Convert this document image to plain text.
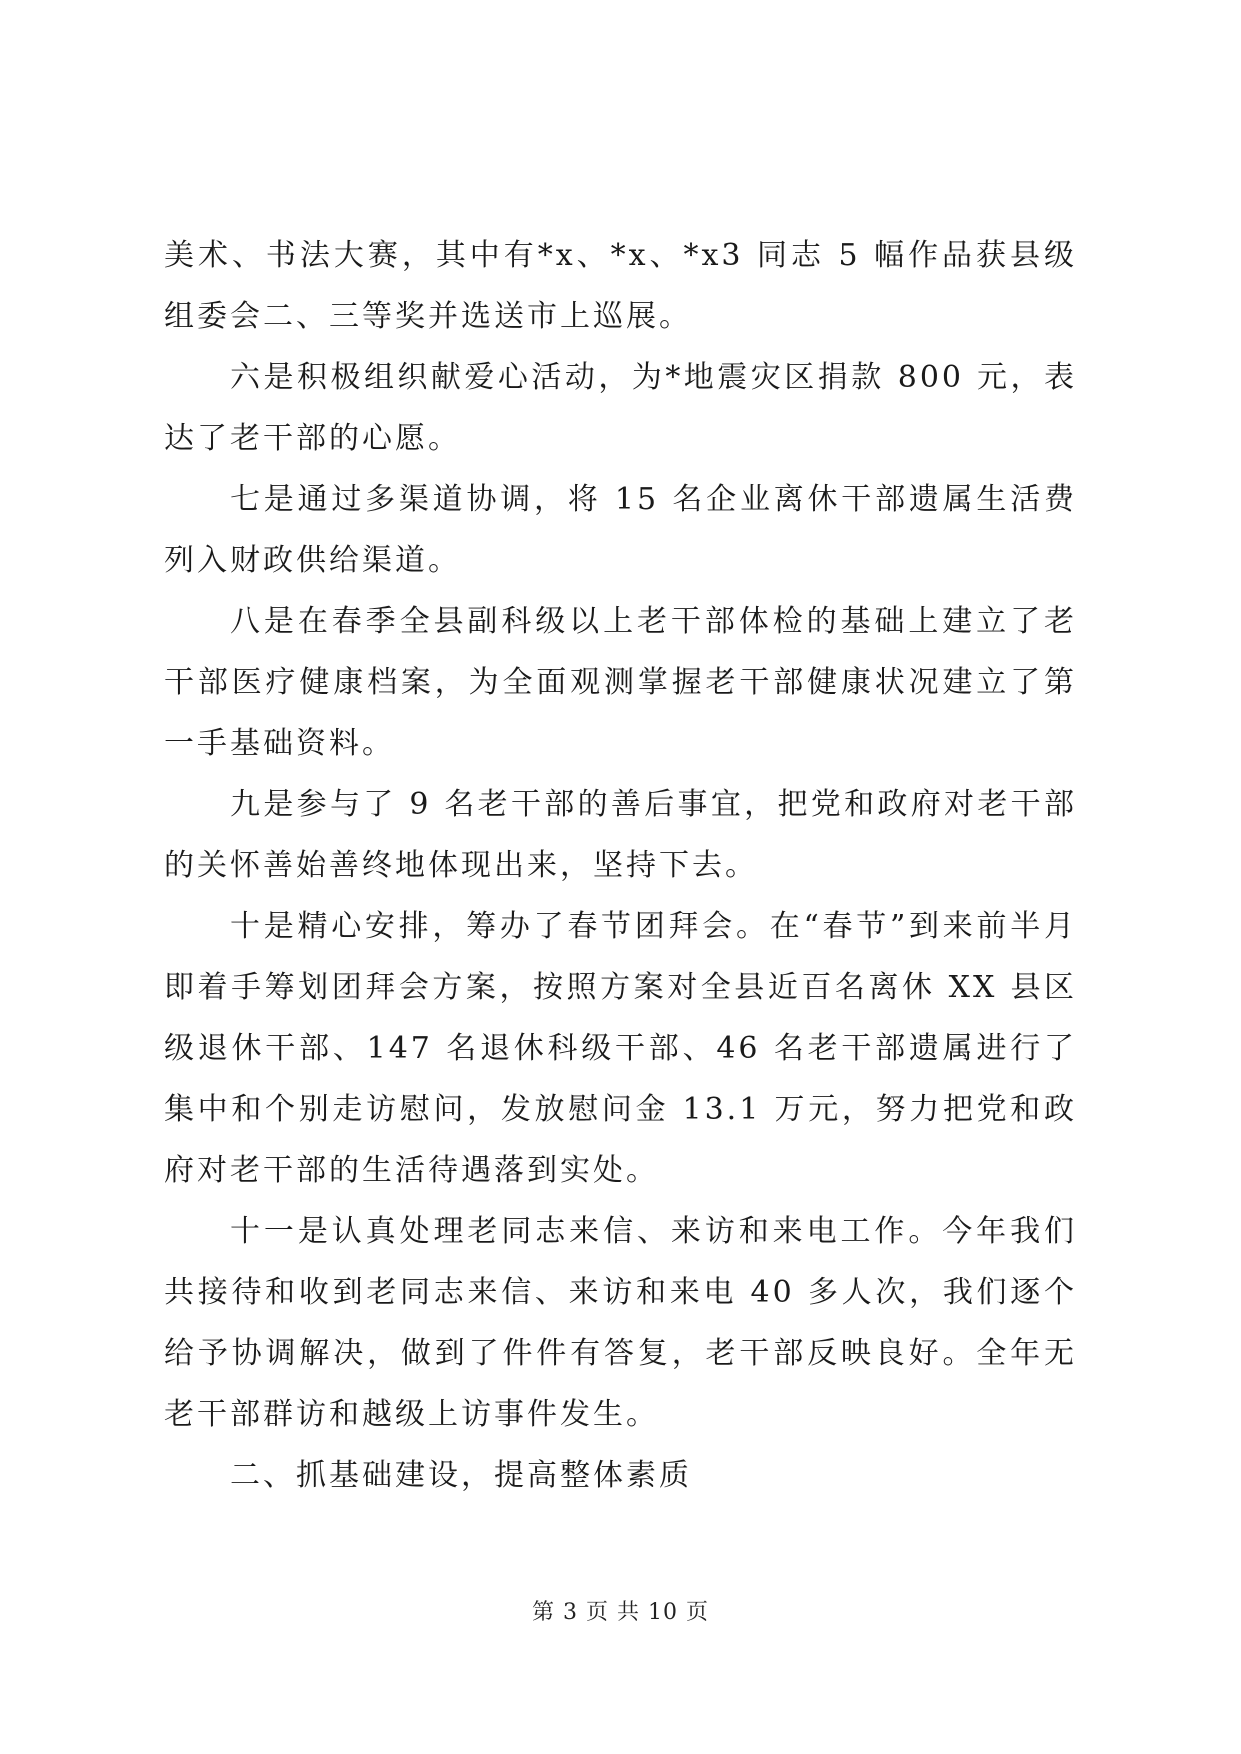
美术、书法大赛，其中有*x、*x、*x3 同志 5 幅作品获县级组委会二、三等奖并选送市上巡展。

六是积极组织献爱心活动，为*地震灾区捐款 800 元，表达了老干部的心愿。

七是通过多渠道协调，将 15 名企业离休干部遗属生活费列入财政供给渠道。

八是在春季全县副科级以上老干部体检的基础上建立了老干部医疗健康档案，为全面观测掌握老干部健康状况建立了第一手基础资料。

九是参与了 9 名老干部的善后事宜，把党和政府对老干部的关怀善始善终地体现出来，坚持下去。

十是精心安排，筹办了春节团拜会。在“春节”到来前半月即着手筹划团拜会方案，按照方案对全县近百名离休 XX 县区级退休干部、147 名退休科级干部、46 名老干部遗属进行了集中和个别走访慰问，发放慰问金 13.1 万元，努力把党和政府对老干部的生活待遇落到实处。

十一是认真处理老同志来信、来访和来电工作。今年我们共接待和收到老同志来信、来访和来电 40 多人次，我们逐个给予协调解决，做到了件件有答复，老干部反映良好。全年无老干部群访和越级上访事件发生。

二、抓基础建设，提高整体素质

第 3 页 共 10 页
